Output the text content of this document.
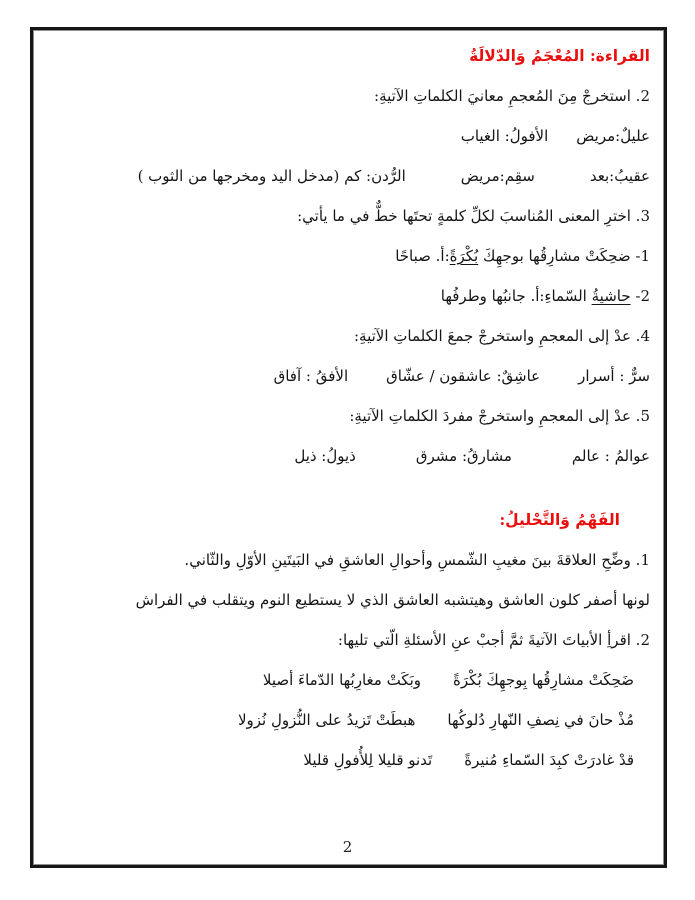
القراءة: المُعْجَمُ وَالدّلالَةُ
2. استخرجْ مِنَ المُعجمِ معانيَ الكلماتِ الآتيةِ:
عليلٌ:مريض
الأفولُ: الغياب
عقيبُ:بعد
سقِم:مريض
الرُّدن: كم (مدخل اليد ومخرجها من الثوب )
3. اخترِ المعنى المُناسبَ لكلِّ كلمةٍ تحتَها خطٌّ في ما يأتي:
1- ضحِكَتْ مشارِقُها بوجهِكَ بُكْرَةً:أ. صباحًا
2- حاشيةُ السّماءِ:أ. جانبُها وطرفُها
4. عدْ إلى المعجمِ واستخرجْ جمعَ الكلماتِ الآتيةِ:
سرٌّ : أسرار
عاشِقٌ: عاشقون / عشّاق
الأفقُ : آفاق
5. عدْ إلى المعجمِ واستخرجْ مفردَ الكلماتِ الآتيةِ:
عوالمُ : عالم
مشارقُ: مشرق
ذيولُ: ذيل
الفَهْمُ وَالتَّحْليلُ:
1. وضِّحِ العلاقةَ بينَ مغيبِ الشّمسِ وأحوالِ العاشقِ في البَيتَينِ الأوّلِ والثّاني.
لونها أصفر كلون العاشق وهيتشبه العاشق الذي لا يستطيع النوم ويتقلب في الفراش
2. اقرأِ الأبياتَ الآتيةَ ثمَّ أجبْ عنِ الأسئلةِ الّتي تليها:
ضَحِكَتْ مشارِقُها بِوجهِكَ بُكْرَةً
وبَكَتْ مغارِبُها الدّماءَ أصيلا
مُذْ حانَ في نِصفِ النّهارِ دُلوكُها
هبطَتْ تَزيدُ على النُّزولِ نُزولا
قدْ غادرَتْ كبِدَ السّماءِ مُنيرةً
تَدنو قليلا لِلأُفولِ قليلا
2
